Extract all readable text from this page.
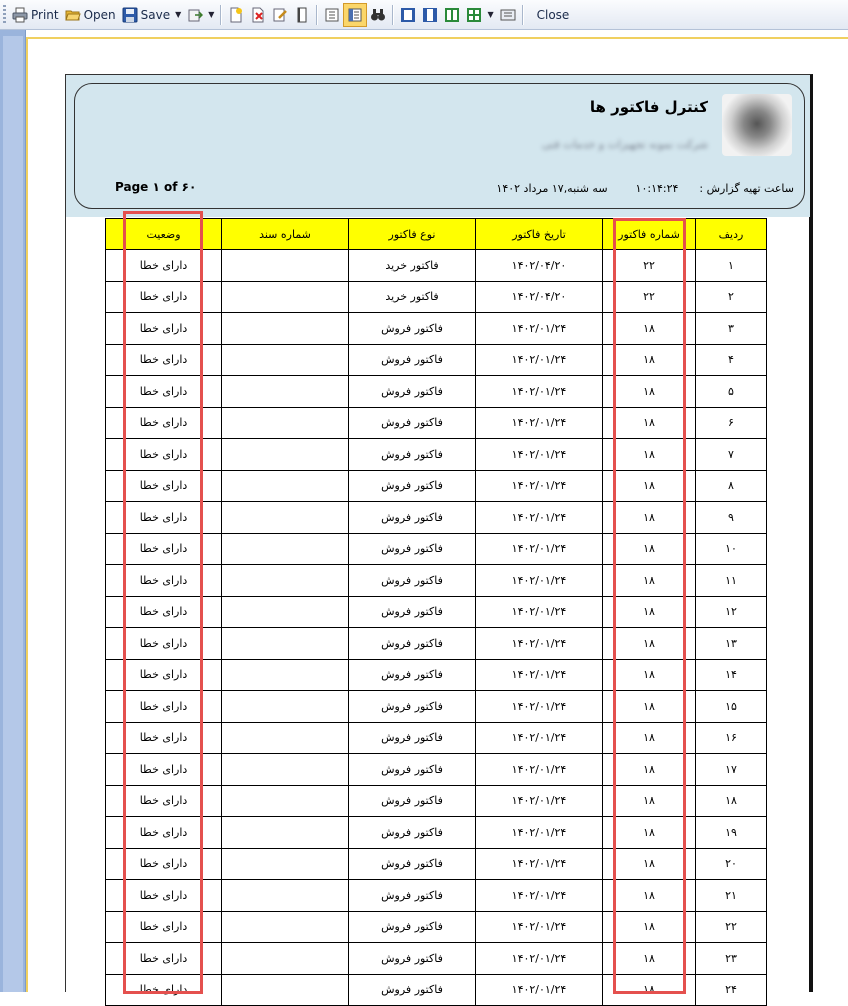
Print Open Save ▼	▼	▼	Close
کنترل فاکتور ها
شرکت نمونه تجهیزات و خدمات فنی
ساعت تهیه گزارش :      ۱۰:۱۴:۲۴        سه شنبه,۱۷ مرداد ۱۴۰۲
Page ۱ of ۶۰
ردیف	شماره فاکتور	تاریخ فاکتور	نوع فاکتور	شماره سند	وضعیت
۱	۲۲	۱۴۰۲/۰۴/۲۰	فاکتور خرید		دارای خطا
۲	۲۲	۱۴۰۲/۰۴/۲۰	فاکتور خرید		دارای خطا
۳	۱۸	۱۴۰۲/۰۱/۲۴	فاکتور فروش		دارای خطا
۴	۱۸	۱۴۰۲/۰۱/۲۴	فاکتور فروش		دارای خطا
۵	۱۸	۱۴۰۲/۰۱/۲۴	فاکتور فروش		دارای خطا
۶	۱۸	۱۴۰۲/۰۱/۲۴	فاکتور فروش		دارای خطا
۷	۱۸	۱۴۰۲/۰۱/۲۴	فاکتور فروش		دارای خطا
۸	۱۸	۱۴۰۲/۰۱/۲۴	فاکتور فروش		دارای خطا
۹	۱۸	۱۴۰۲/۰۱/۲۴	فاکتور فروش		دارای خطا
۱۰	۱۸	۱۴۰۲/۰۱/۲۴	فاکتور فروش		دارای خطا
۱۱	۱۸	۱۴۰۲/۰۱/۲۴	فاکتور فروش		دارای خطا
۱۲	۱۸	۱۴۰۲/۰۱/۲۴	فاکتور فروش		دارای خطا
۱۳	۱۸	۱۴۰۲/۰۱/۲۴	فاکتور فروش		دارای خطا
۱۴	۱۸	۱۴۰۲/۰۱/۲۴	فاکتور فروش		دارای خطا
۱۵	۱۸	۱۴۰۲/۰۱/۲۴	فاکتور فروش		دارای خطا
۱۶	۱۸	۱۴۰۲/۰۱/۲۴	فاکتور فروش		دارای خطا
۱۷	۱۸	۱۴۰۲/۰۱/۲۴	فاکتور فروش		دارای خطا
۱۸	۱۸	۱۴۰۲/۰۱/۲۴	فاکتور فروش		دارای خطا
۱۹	۱۸	۱۴۰۲/۰۱/۲۴	فاکتور فروش		دارای خطا
۲۰	۱۸	۱۴۰۲/۰۱/۲۴	فاکتور فروش		دارای خطا
۲۱	۱۸	۱۴۰۲/۰۱/۲۴	فاکتور فروش		دارای خطا
۲۲	۱۸	۱۴۰۲/۰۱/۲۴	فاکتور فروش		دارای خطا
۲۳	۱۸	۱۴۰۲/۰۱/۲۴	فاکتور فروش		دارای خطا
۲۴	۱۸	۱۴۰۲/۰۱/۲۴	فاکتور فروش		دارای خطا
